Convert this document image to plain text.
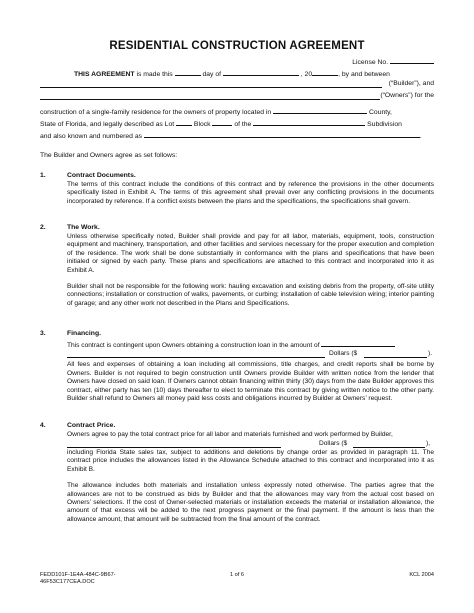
RESIDENTIAL CONSTRUCTION AGREEMENT
License No.
THIS AGREEMENT is made this	day of	, 20	, by and between
(“Builder”), and
(“Owners”) for the
construction of a single-family residence for the owners of property located in	County,
State of Florida, and legally described as Lot	Block	of the	Subdivision
and also known and numbered as	.
The Builder and Owners agree as set follows:
1.	Contract Documents.
The terms of this contract include the conditions of this contract and by reference the provisions in the other documents specifically listed in Exhibit A. The terms of this agreement shall prevail over any conflicting provisions in the documents incorporated by reference. If a conflict exists between the plans and the specifications, the specifications shall govern.
2.	The Work.
Unless otherwise specifically noted, Builder shall provide and pay for all labor, materials, equipment, tools, construction equipment and machinery, transportation, and other facilities and services necessary for the proper execution and completion of the residence. The work shall be done substantially in conformance with the plans and specifications that have been initialed or signed by each party. These plans and specifications are attached to this contract and incorporated into it as Exhibit A.
Builder shall not be responsible for the following work: hauling excavation and existing debris from the property, off-site utility connections; installation or construction of walks, pavements, or curbing; installation of cable television wiring; interior painting of garage; and any other work not described in the Plans and Specifications.
3.	Financing.
This contract is contingent upon Owners obtaining a construction loan in the amount of
Dollars ($	).
All fees and expenses of obtaining a loan including all commissions, title charges, and credit reports shall be borne by Owners. Builder is not required to begin construction until Owners provide Builder with written notice from the lender that Owners have closed on said loan. If Owners cannot obtain financing within thirty (30) days from the date Builder approves this contract, either party has ten (10) days thereafter to elect to terminate this contract by giving written notice to the other party. Builder shall refund to Owners all money paid less costs and obligations incurred by Builder at Owners’ request.
4.	Contract Price.
Owners agree to pay the total contract price for all labor and materials furnished and work performed by Builder,
Dollars ($	),
including Florida State sales tax, subject to additions and deletions by change order as provided in paragraph 11. The contract price includes the allowances listed in the Allowance Schedule attached to this contract and incorporated into it as Exhibit B.
The allowance includes both materials and installation unless expressly noted otherwise. The parties agree that the allowances are not to be construed as bids by Builder and that the allowances may vary from the actual cost based on Owners’ selections. If the cost of Owner-selected materials or installation exceeds the material or installation allowance, the amount of that excess will be added to the next progress payment or the final payment. If the amount is less than the allowance amount, that amount will be subtracted from the final amount of the contract.
FEDD101F-1E4A-484C-9B67-
46F53C177CEA.DOC
1 of 6	KCL 2004
